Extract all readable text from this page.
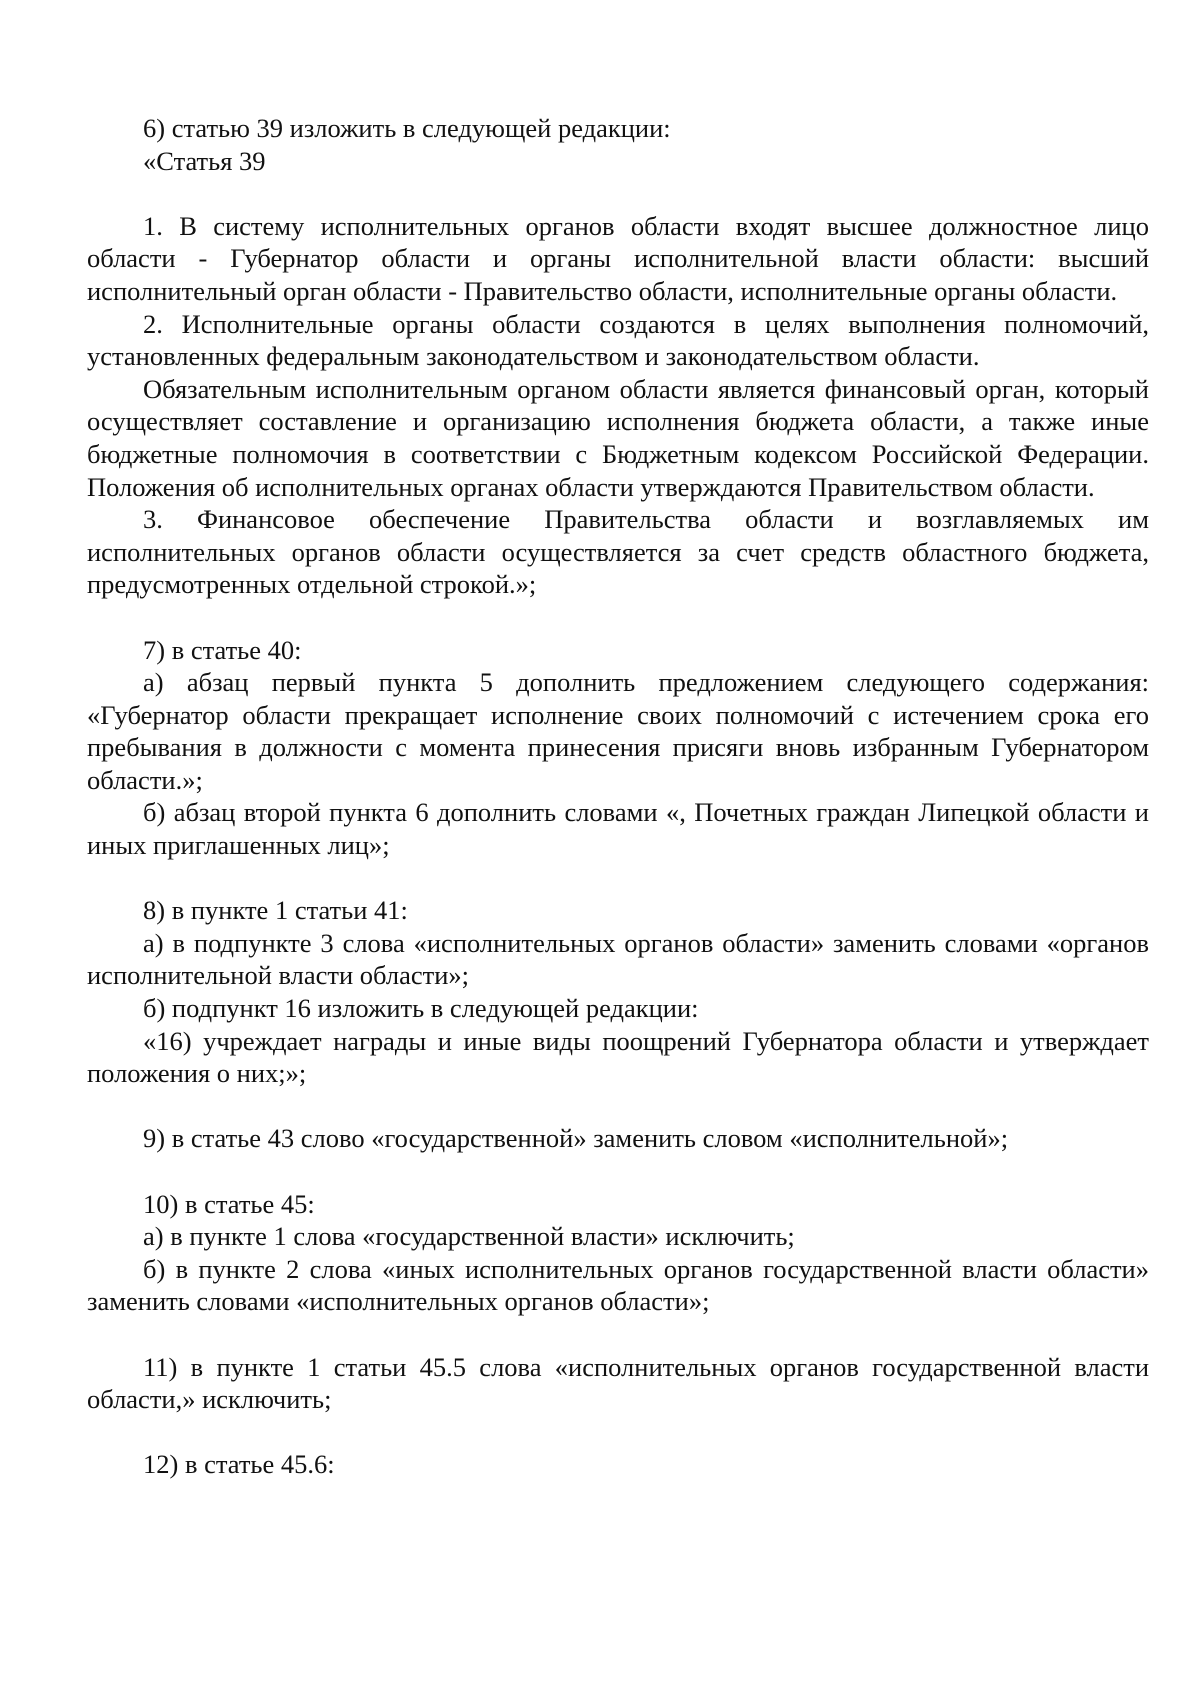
6) статью 39 изложить в следующей редакции:

«Статья 39

1. В систему исполнительных органов области входят высшее должностное лицо области - Губернатор области и органы исполнительной власти области: высший исполнительный орган области - Правительство области, исполнительные органы области.

2. Исполнительные органы области создаются в целях выполнения полномочий, установленных федеральным законодательством и законодательством области.

Обязательным исполнительным органом области является финансовый орган, который осуществляет составление и организацию исполнения бюджета области, а также иные бюджетные полномочия в соответствии с Бюджетным кодексом Российской Федерации. Положения об исполнительных органах области утверждаются Правительством области.

3. Финансовое обеспечение Правительства области и возглавляемых им исполнительных органов области осуществляется за счет средств областного бюджета, предусмотренных отдельной строкой.»;

7) в статье 40:

а) абзац первый пункта 5 дополнить предложением следующего содержания: «Губернатор области прекращает исполнение своих полномочий с истечением срока его пребывания в должности с момента принесения присяги вновь избранным Губернатором области.»;

б) абзац второй пункта 6 дополнить словами «, Почетных граждан Липецкой области и иных приглашенных лиц»;

8) в пункте 1 статьи 41:

а) в подпункте 3 слова «исполнительных органов области» заменить словами «органов исполнительной власти области»;

б) подпункт 16 изложить в следующей редакции:

«16) учреждает награды и иные виды поощрений Губернатора области и утверждает положения о них;»;

9) в статье 43 слово «государственной» заменить словом «исполнительной»;

10) в статье 45:

а) в пункте 1 слова «государственной власти» исключить;

б) в пункте 2 слова «иных исполнительных органов государственной власти области» заменить словами «исполнительных органов области»;

11) в пункте 1 статьи 45.5 слова «исполнительных органов государственной власти области,» исключить;

12) в статье 45.6:
